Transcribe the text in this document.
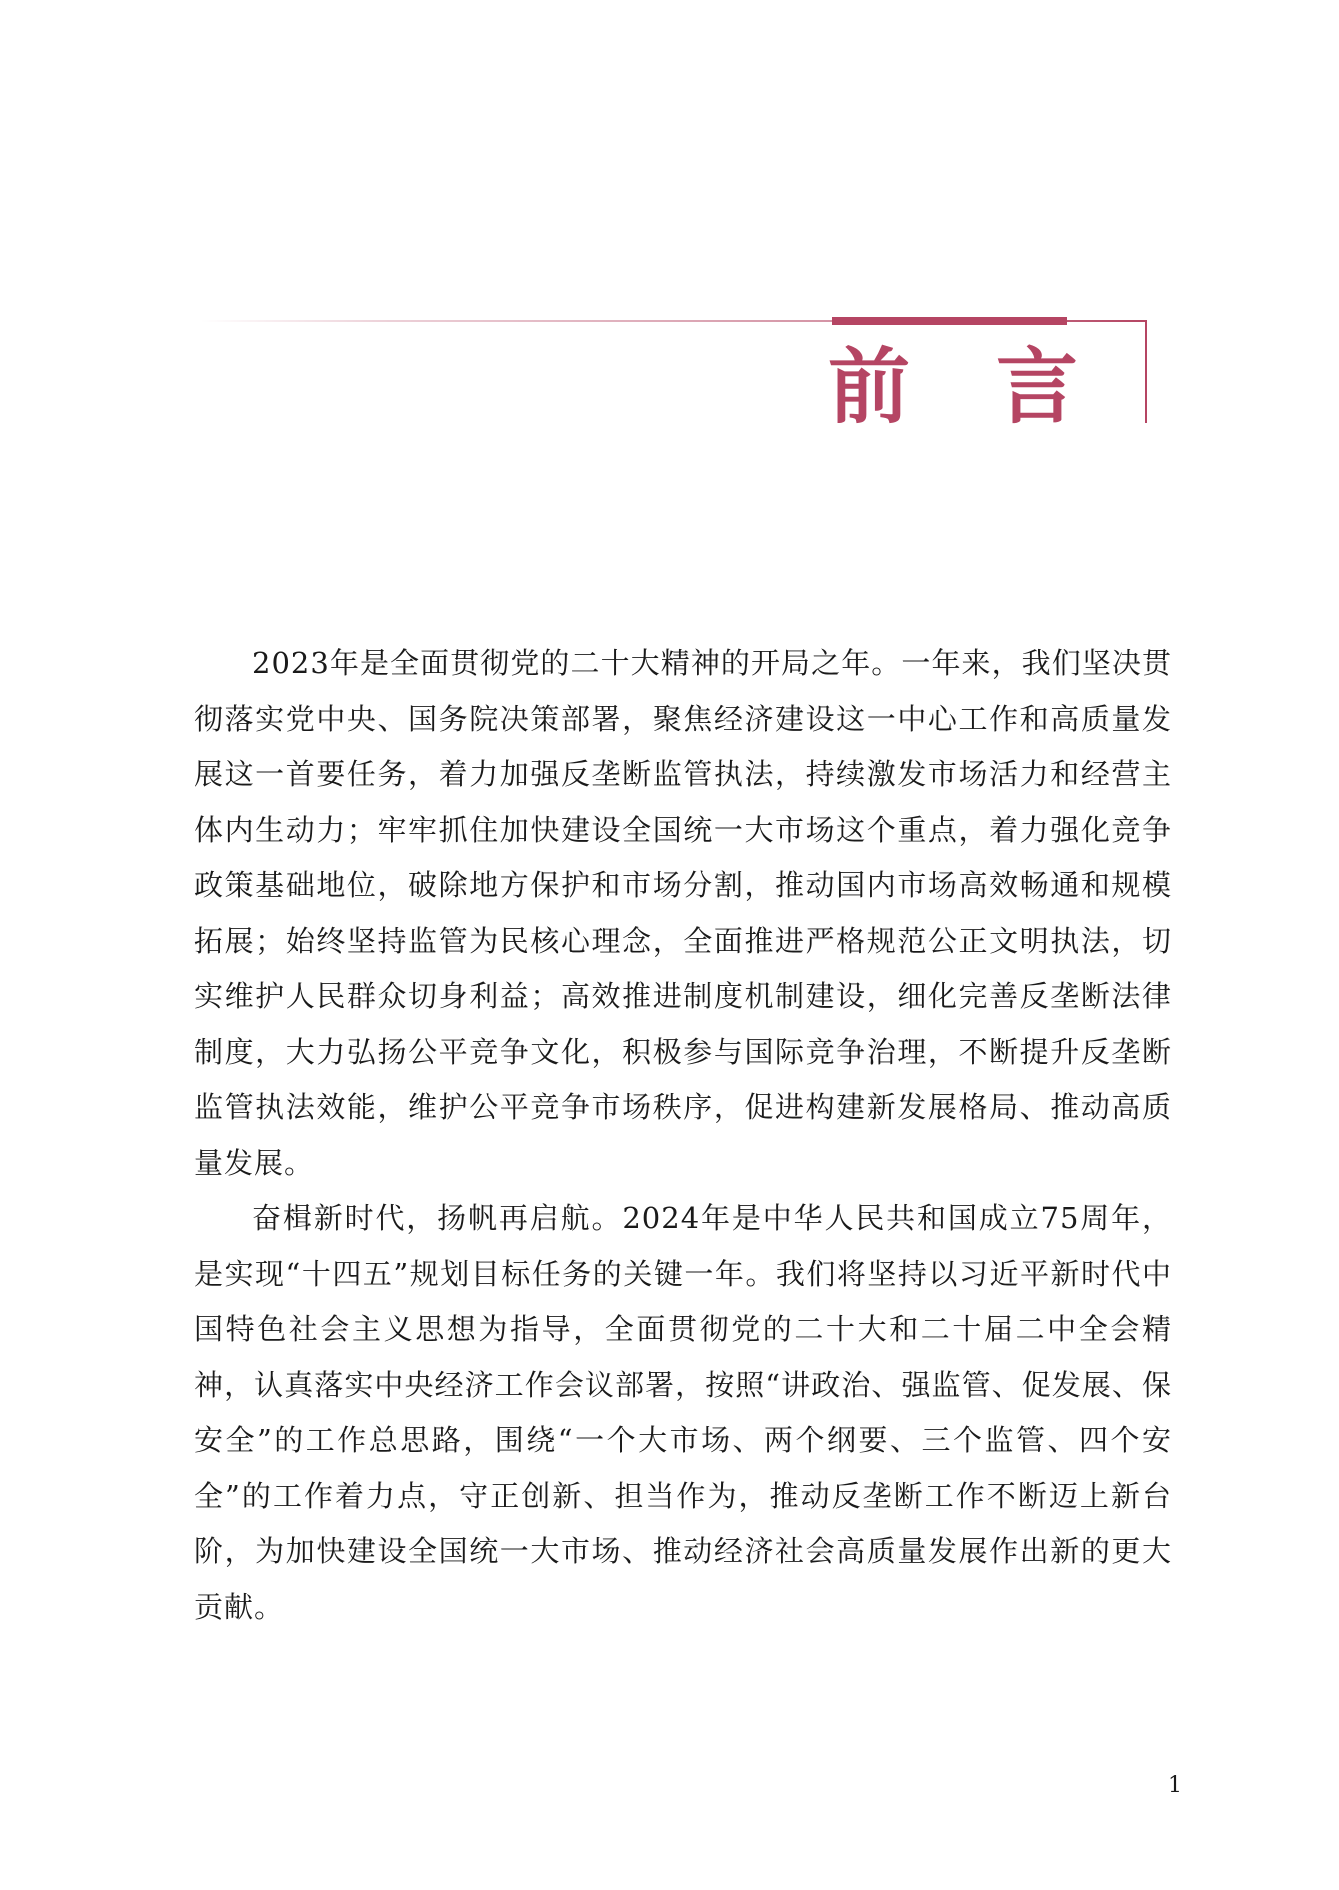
前 言

2023年是全面贯彻党的二十大精神的开局之年。一年来，我们坚决贯彻落实党中央、国务院决策部署，聚焦经济建设这一中心工作和高质量发展这一首要任务，着力加强反垄断监管执法，持续激发市场活力和经营主体内生动力；牢牢抓住加快建设全国统一大市场这个重点，着力强化竞争政策基础地位，破除地方保护和市场分割，推动国内市场高效畅通和规模拓展；始终坚持监管为民核心理念，全面推进严格规范公正文明执法，切实维护人民群众切身利益；高效推进制度机制建设，细化完善反垄断法律制度，大力弘扬公平竞争文化，积极参与国际竞争治理，不断提升反垄断监管执法效能，维护公平竞争市场秩序，促进构建新发展格局、推动高质量发展。

奋楫新时代，扬帆再启航。2024年是中华人民共和国成立75周年，是实现“十四五”规划目标任务的关键一年。我们将坚持以习近平新时代中国特色社会主义思想为指导，全面贯彻党的二十大和二十届二中全会精神，认真落实中央经济工作会议部署，按照“讲政治、强监管、促发展、保安全”的工作总思路，围绕“一个大市场、两个纲要、三个监管、四个安全”的工作着力点，守正创新、担当作为，推动反垄断工作不断迈上新台阶，为加快建设全国统一大市场、推动经济社会高质量发展作出新的更大贡献。

1
